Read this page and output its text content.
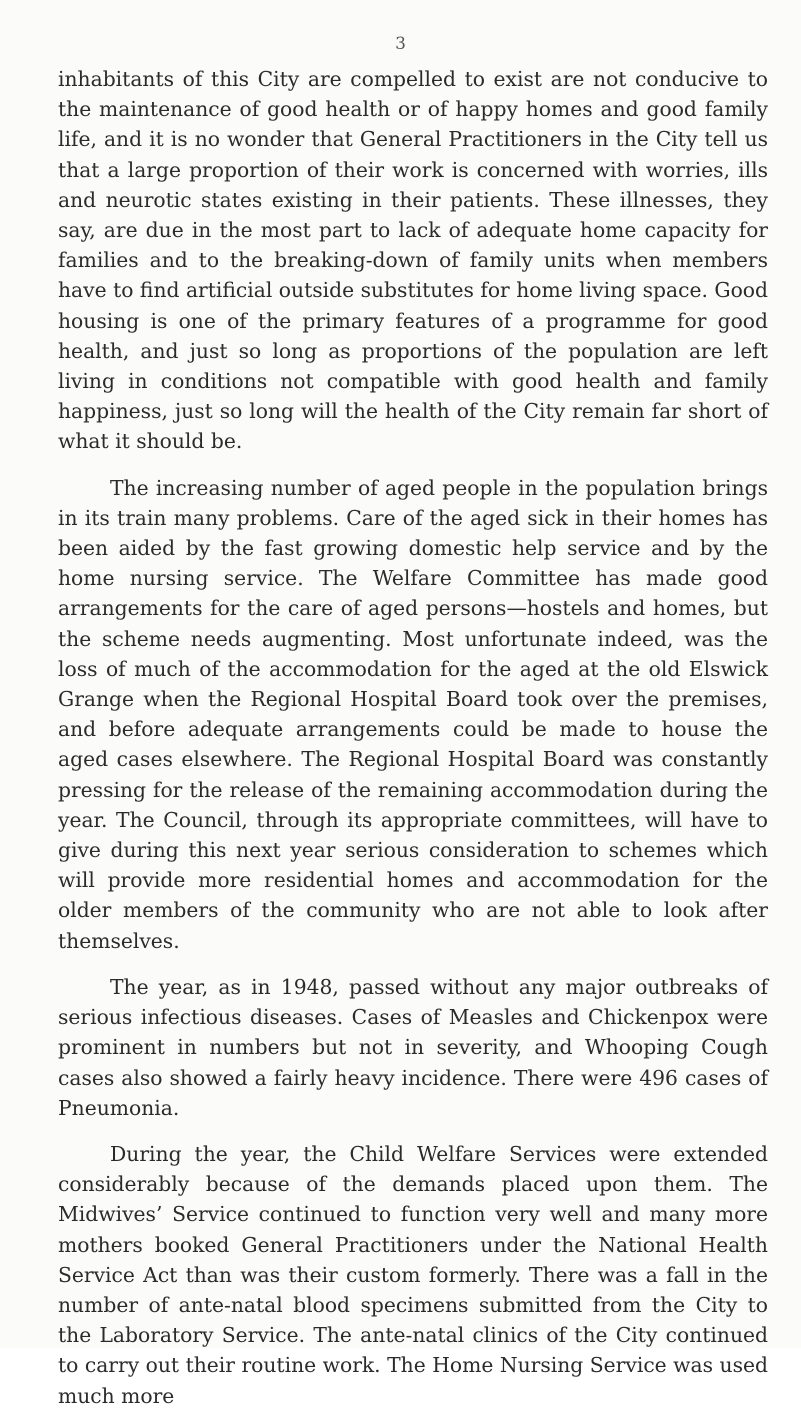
3

inhabitants of this City are compelled to exist are not conducive to the maintenance of good health or of happy homes and good family life, and it is no wonder that General Practitioners in the City tell us that a large proportion of their work is concerned with worries, ills and neurotic states existing in their patients. These illnesses, they say, are due in the most part to lack of adequate home capacity for families and to the breaking-down of family units when members have to find artificial outside substitutes for home living space. Good housing is one of the primary features of a programme for good health, and just so long as proportions of the population are left living in conditions not compatible with good health and family happiness, just so long will the health of the City remain far short of what it should be.

The increasing number of aged people in the population brings in its train many problems. Care of the aged sick in their homes has been aided by the fast growing domestic help service and by the home nursing service. The Welfare Committee has made good arrangements for the care of aged persons—hostels and homes, but the scheme needs augmenting. Most unfortunate indeed, was the loss of much of the accommodation for the aged at the old Elswick Grange when the Regional Hospital Board took over the premises, and before adequate arrangements could be made to house the aged cases elsewhere. The Regional Hospital Board was constantly pressing for the release of the remaining accommodation during the year. The Council, through its appropriate committees, will have to give during this next year serious consideration to schemes which will provide more residential homes and accommodation for the older members of the community who are not able to look after themselves.

The year, as in 1948, passed without any major outbreaks of serious infectious diseases. Cases of Measles and Chickenpox were prominent in numbers but not in severity, and Whooping Cough cases also showed a fairly heavy incidence. There were 496 cases of Pneumonia.

During the year, the Child Welfare Services were extended considerably because of the demands placed upon them. The Midwives’ Service continued to function very well and many more mothers booked General Practitioners under the National Health Service Act than was their custom formerly. There was a fall in the number of ante-natal blood specimens submitted from the City to the Laboratory Service. The ante-natal clinics of the City continued to carry out their routine work. The Home Nursing Service was used much more
